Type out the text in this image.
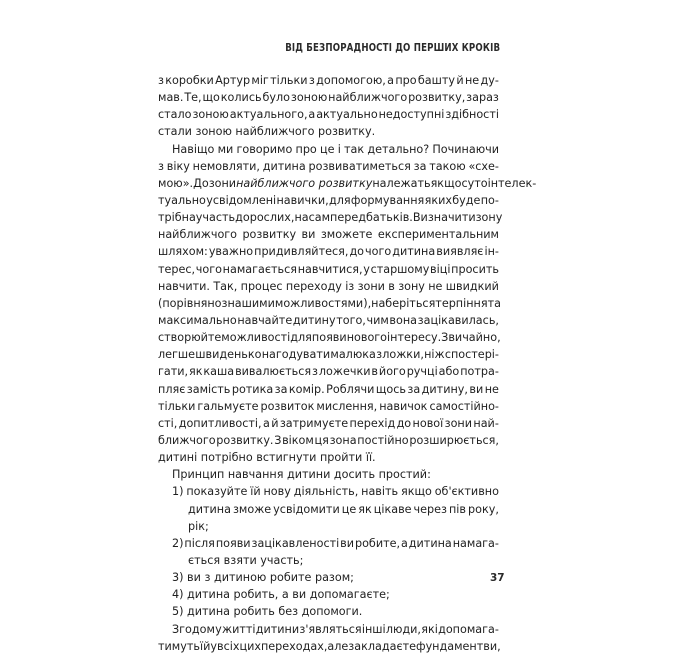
ВІД БЕЗПОРАДНОСТІ ДО ПЕРШИХ КРОКІВ
з коробки Артур міг тільки з допомогою, а про башту й не ду-
мав. Те, що колись було зоною найближчого розвитку, зараз
стало зоною актуального, а актуально недоступні здібності
стали зоною найближчого розвитку.
Навіщо ми говоримо про це і так детально? Починаючи
з віку немовляти, дитина розвиватиметься за такою «схе-
мою». До зони найближчого розвитку належать якщо суто інтелек-
туально усвідомлені навички, для формування яких буде по-
трібна участь дорослих, насамперед батьків. Визначити зону
найближчого розвитку ви зможете експериментальним
шляхом: уважно придивляйтеся, до чого дитина виявляє ін-
терес, чого намагається навчитися, у старшому віці просить
навчити. Так, процес переходу із зони в зону не швидкий
(порівняно з нашими можливостями), наберіться терпіння та
максимально навчайте дитину того, чим вона зацікавилась,
створюйте можливості для появи нового інтересу. Звичайно,
легше швиденько нагодувати малюка з ложки, ніж спостері-
гати, як каша вивалюється з ложечки в його ручці або потра-
пляє замість ротика за комір. Роблячи щось за дитину, ви не
тільки гальмуєте розвиток мислення, навичок самостійно-
сті, допитливості, а й затримуєте перехід до нової зони най-
ближчого розвитку. З віком ця зона постійно розширюється,
дитині потрібно встигнути пройти її.
Принцип навчання дитини досить простий:
1) показуйте їй нову діяльність, навіть якщо об'єктивно
дитина зможе усвідомити це як цікаве через пів року,
рік;
2) після появи зацікавленості ви робите, а дитина намага-
ється взяти участь;
3) ви з дитиною робите разом;
4) дитина робить, а ви допомагаєте;
5) дитина робить без допомоги.
Згодом у житті дитини з'являться інші люди, які допомага-
тимуть їй у всіх цих переходах, але закладаєте фундамент ви,
37
